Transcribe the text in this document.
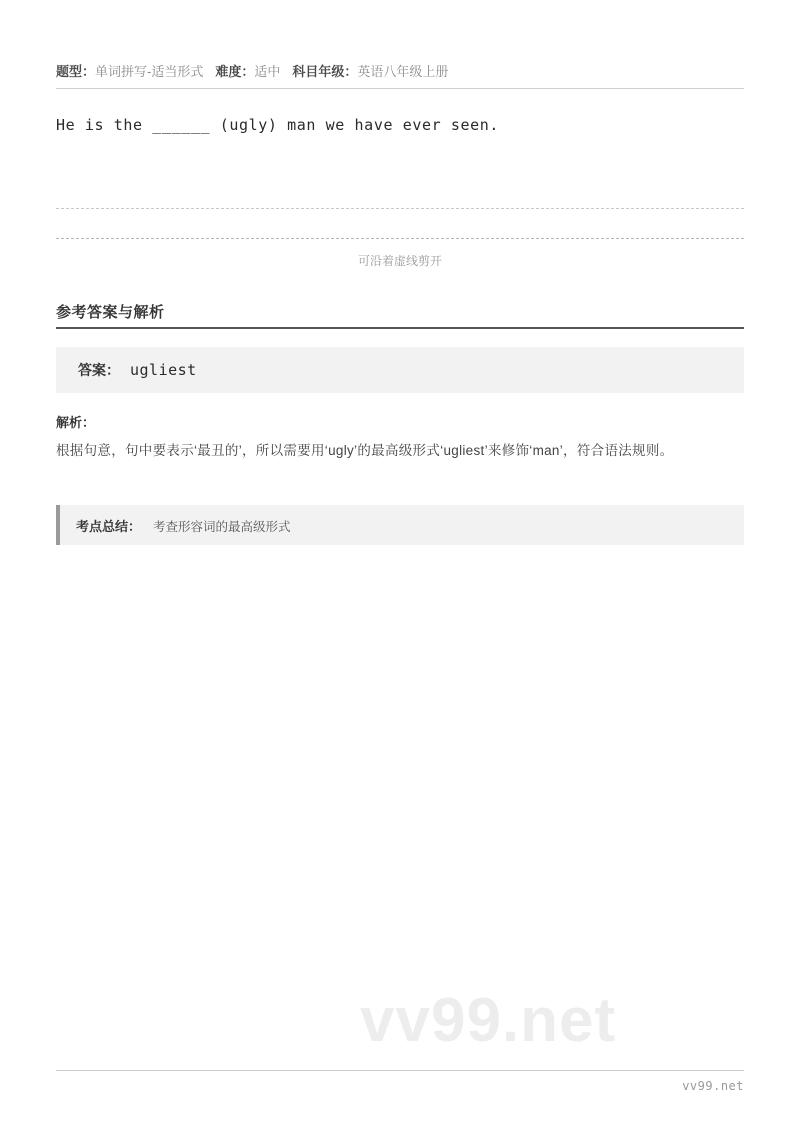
题型：单词拼写-适当形式 难度：适中 科目年级：英语八年级上册
He is the ______ (ugly) man we have ever seen.
可沿着虚线剪开
参考答案与解析
答案： ugliest
解析：
根据句意，句中要表示‘最丑的’，所以需要用‘ugly’的最高级形式‘ugliest’来修饰‘man’，符合语法规则。
考点总结： 考查形容词的最高级形式
vv99.net
vv99.net
